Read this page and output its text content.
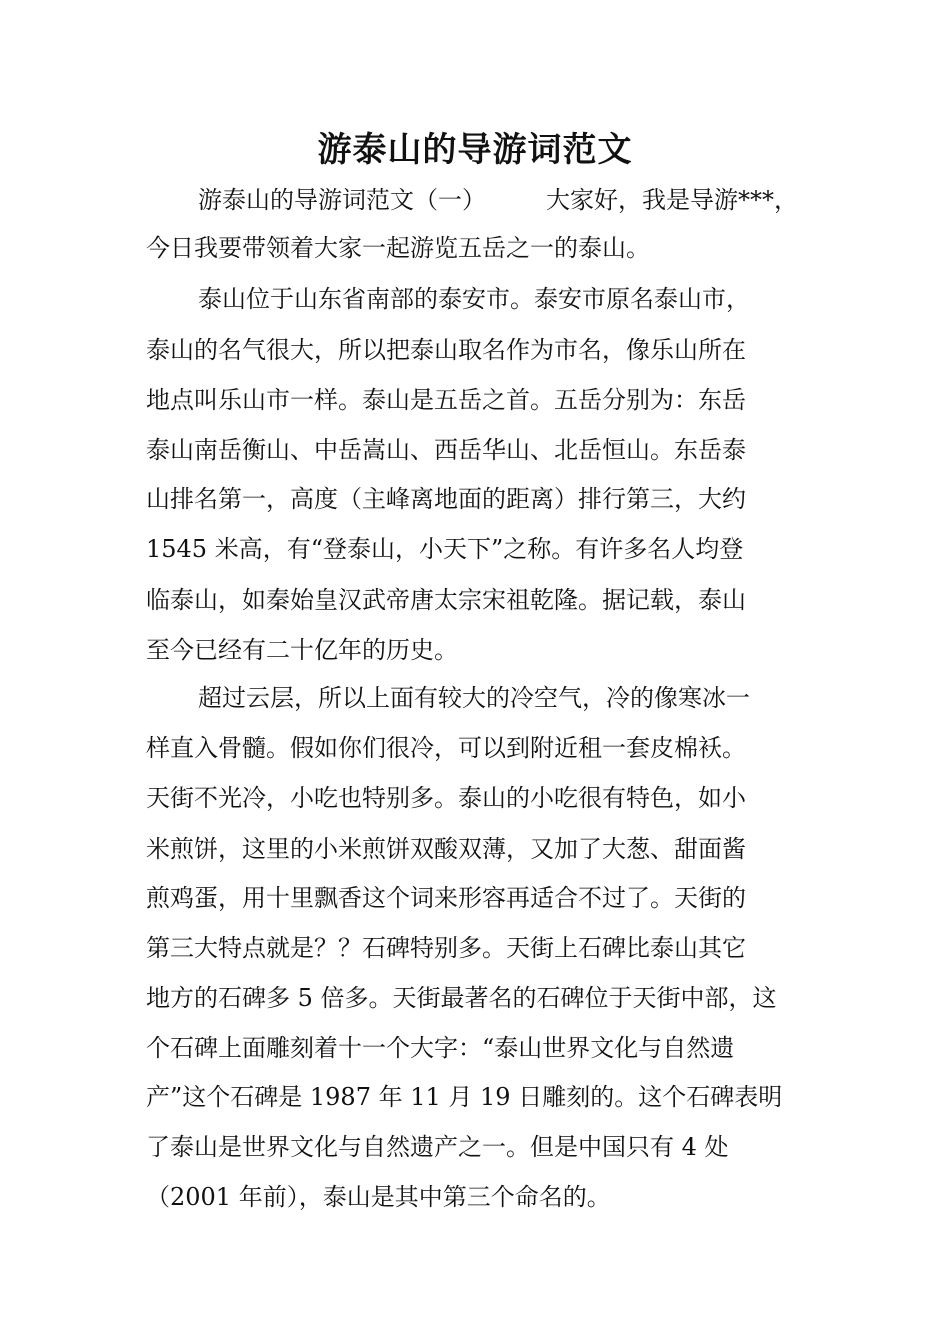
游泰山的导游词范文
游泰山的导游词范文（一）　　　大家好，我是导游***，
今日我要带领着大家一起游览五岳之一的泰山。
泰山位于山东省南部的泰安市。泰安市原名泰山市，
泰山的名气很大，所以把泰山取名作为市名，像乐山所在
地点叫乐山市一样。泰山是五岳之首。五岳分别为：东岳
泰山南岳衡山、中岳嵩山、西岳华山、北岳恒山。东岳泰
山排名第一，高度（主峰离地面的距离）排行第三，大约
1545 米高，有“登泰山，小天下”之称。有许多名人均登
临泰山，如秦始皇汉武帝唐太宗宋祖乾隆。据记载，泰山
至今已经有二十亿年的历史。
超过云层，所以上面有较大的冷空气，冷的像寒冰一
样直入骨髓。假如你们很冷，可以到附近租一套皮棉袄。
天街不光冷，小吃也特别多。泰山的小吃很有特色，如小
米煎饼，这里的小米煎饼双酸双薄，又加了大葱、甜面酱
煎鸡蛋，用十里飘香这个词来形容再适合不过了。天街的
第三大特点就是？？石碑特别多。天街上石碑比泰山其它
地方的石碑多 5 倍多。天街最著名的石碑位于天街中部，这
个石碑上面雕刻着十一个大字：“泰山世界文化与自然遗
产”这个石碑是 1987 年 11 月 19 日雕刻的。这个石碑表明
了泰山是世界文化与自然遗产之一。但是中国只有 4 处
（2001 年前），泰山是其中第三个命名的。
